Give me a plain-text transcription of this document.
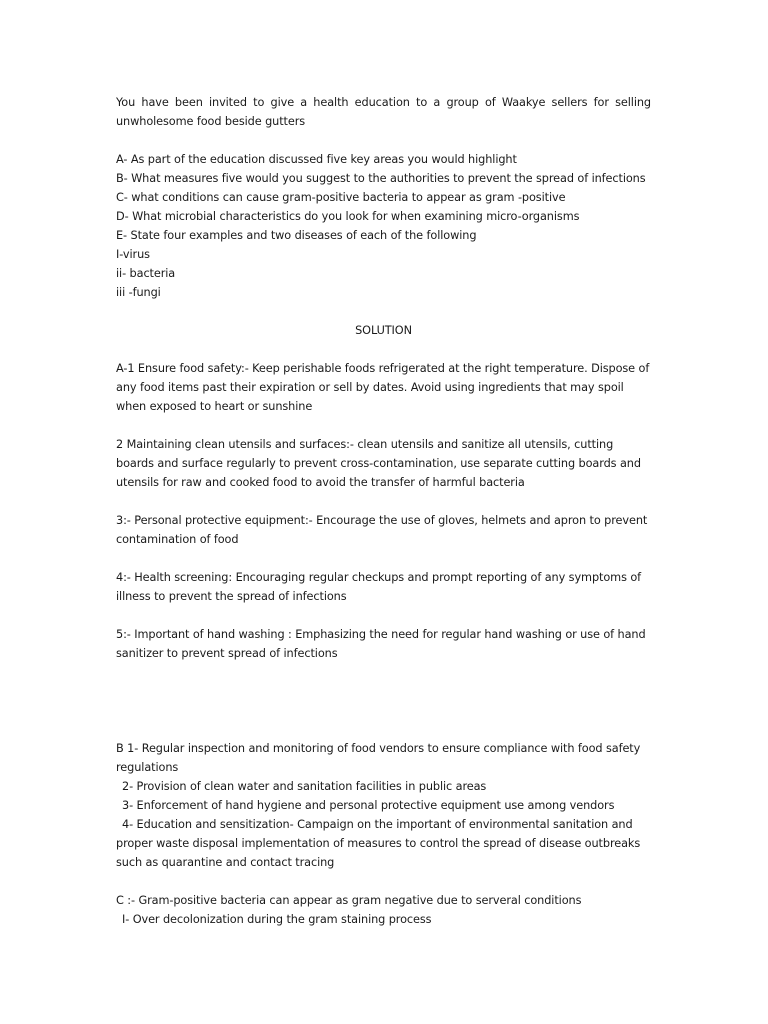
You have been invited to give a health education to a group of Waakye sellers for selling unwholesome food beside gutters

A- As part of the education discussed five key areas you would highlight

B- What measures five would you suggest to the authorities to prevent the spread of infections

C- what conditions can cause gram-positive bacteria to appear as gram -positive

D- What microbial characteristics do you look for when examining micro-organisms

E- State four examples and two diseases of each of the following

I-virus

ii- bacteria

iii -fungi

SOLUTION

A-1 Ensure food safety:- Keep perishable foods refrigerated at the right temperature. Dispose of any food items past their expiration or sell by dates. Avoid using ingredients that may spoil when exposed to heart or sunshine

2 Maintaining clean utensils and surfaces:- clean utensils and sanitize all utensils, cutting boards and surface regularly to prevent cross-contamination, use separate cutting boards and utensils for raw and cooked food to avoid the transfer of harmful bacteria

3:- Personal protective equipment:- Encourage the use of gloves, helmets and apron to prevent contamination of food

4:- Health screening: Encouraging regular checkups and prompt reporting of any symptoms of illness to prevent the spread of infections

5:- Important of hand washing : Emphasizing the need for regular hand washing or use of hand sanitizer to prevent spread of infections

B 1- Regular inspection and monitoring of food vendors to ensure compliance with food safety regulations

2- Provision of clean water and sanitation facilities in public areas

3- Enforcement of hand hygiene and personal protective equipment use among vendors

4- Education and sensitization- Campaign on the important of environmental sanitation and proper waste disposal implementation of measures to control the spread of disease outbreaks such as quarantine and contact tracing

C :- Gram-positive bacteria can appear as gram negative due to serveral conditions

I- Over decolonization during the gram staining process
